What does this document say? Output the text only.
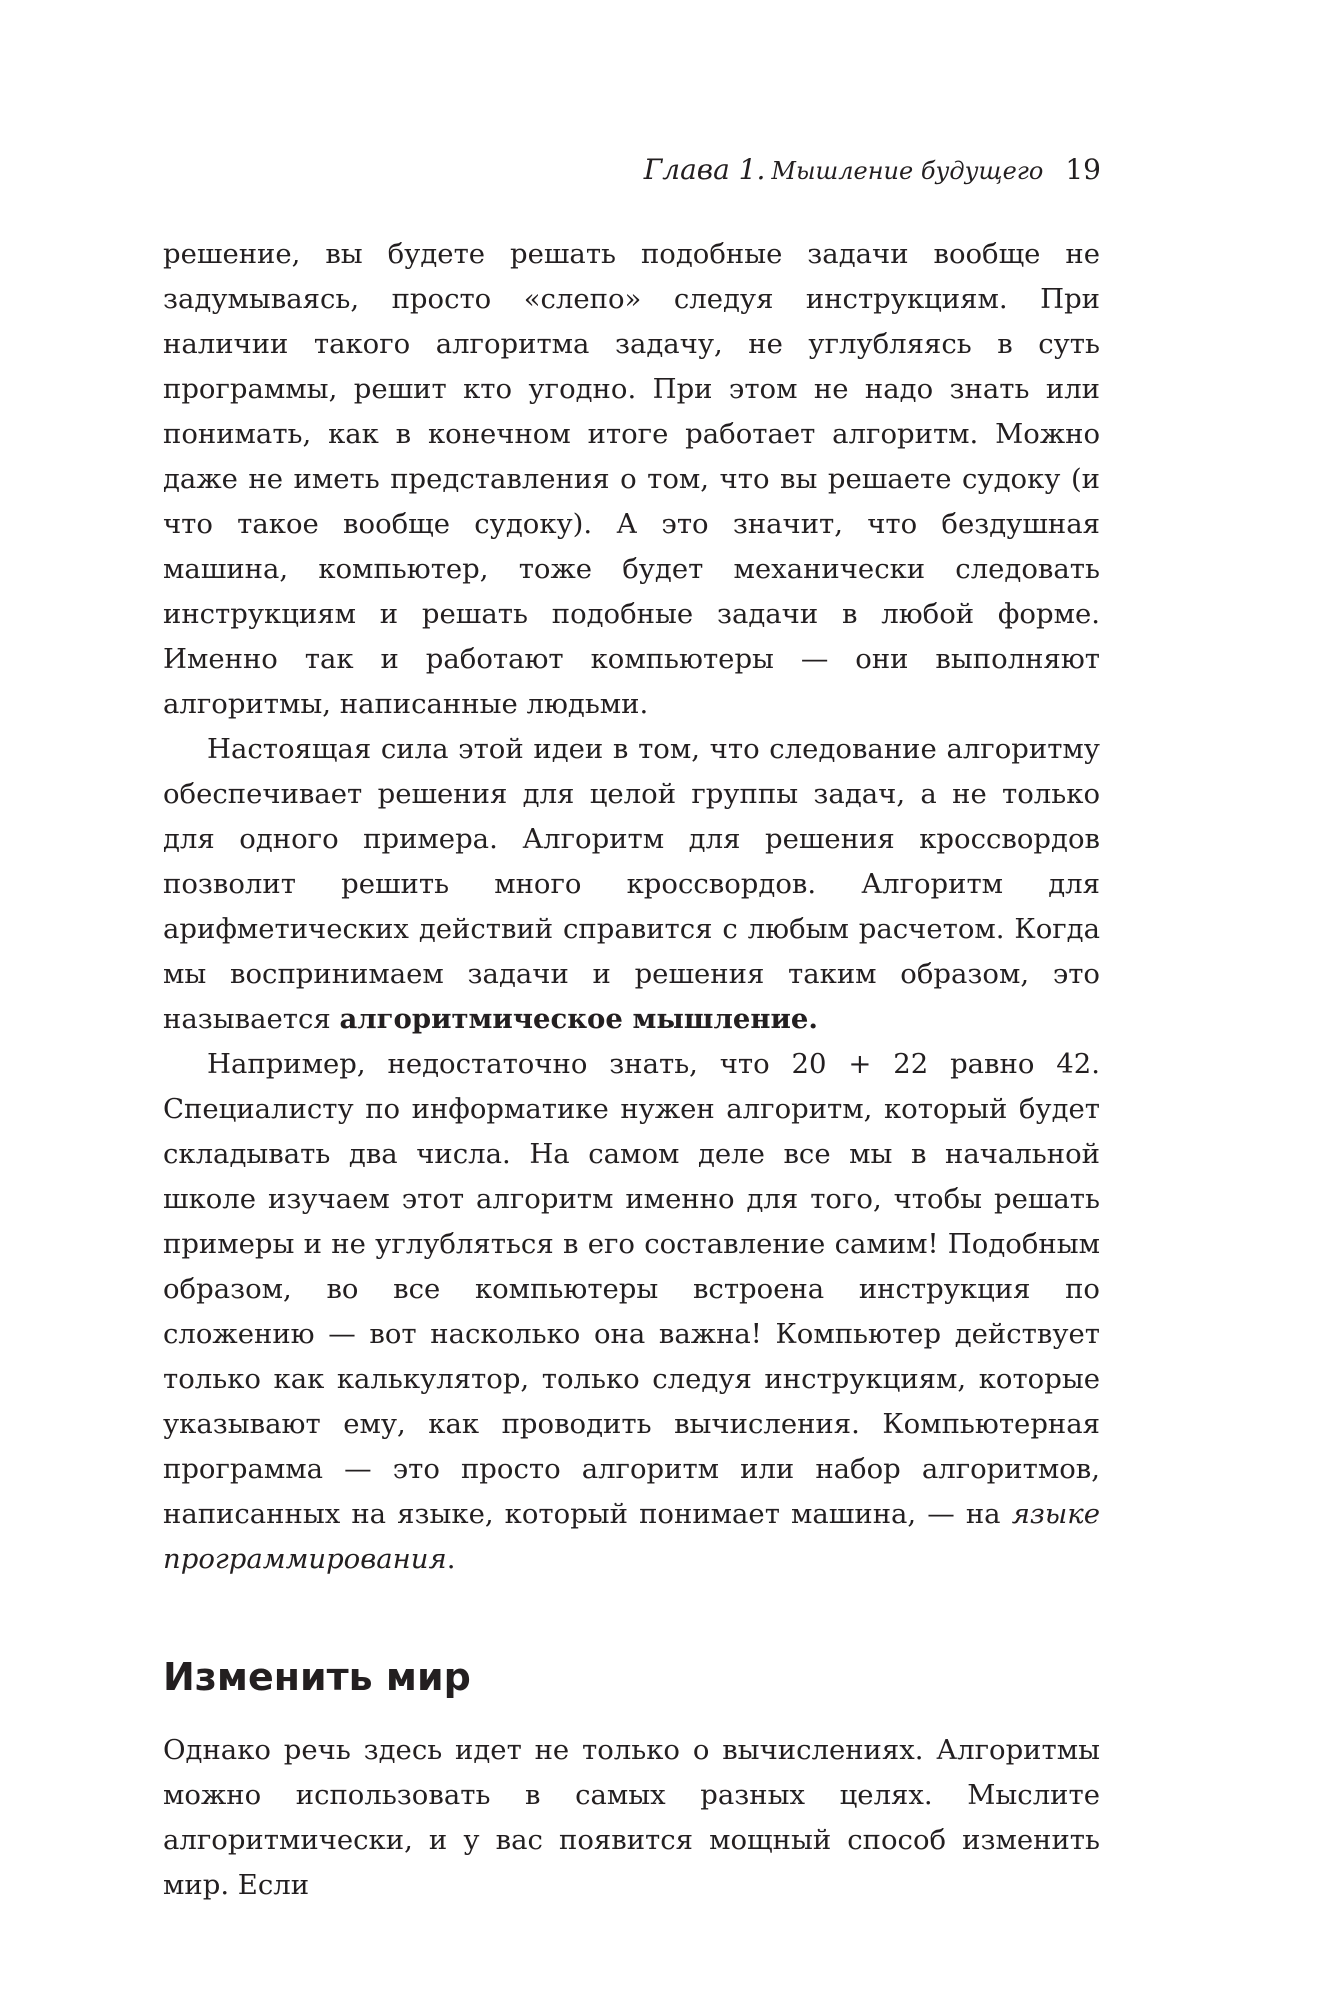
Глава 1. Мышление будущего 19

решение, вы будете решать подобные задачи вообще не задумываясь, просто «слепо» следуя инструкциям. При наличии такого алгоритма задачу, не углубляясь в суть программы, решит кто угодно. При этом не надо знать или понимать, как в конечном итоге работает алгоритм. Можно даже не иметь представления о том, что вы решаете судоку (и что такое вообще судоку). А это значит, что бездушная машина, компьютер, тоже будет механически следовать инструкциям и решать подобные задачи в любой форме. Именно так и работают компьютеры — они выполняют алгоритмы, написанные людьми.

Настоящая сила этой идеи в том, что следование алгоритму обеспечивает решения для целой группы задач, а не только для одного примера. Алгоритм для решения кроссвордов позволит решить много кроссвордов. Алгоритм для арифметических действий справится с любым расчетом. Когда мы воспринимаем задачи и решения таким образом, это называется алгоритмическое мышление.

Например, недостаточно знать, что 20 + 22 равно 42. Специалисту по информатике нужен алгоритм, который будет складывать два числа. На самом деле все мы в начальной школе изучаем этот алгоритм именно для того, чтобы решать примеры и не углубляться в его составление самим! Подобным образом, во все компьютеры встроена инструкция по сложению — вот насколько она важна! Компьютер действует только как калькулятор, только следуя инструкциям, которые указывают ему, как проводить вычисления. Компьютерная программа — это просто алгоритм или набор алгоритмов, написанных на языке, который понимает машина, — на языке программирования.

Изменить мир

Однако речь здесь идет не только о вычислениях. Алгоритмы можно использовать в самых разных целях. Мыслите алгоритмически, и у вас появится мощный способ изменить мир. Если
